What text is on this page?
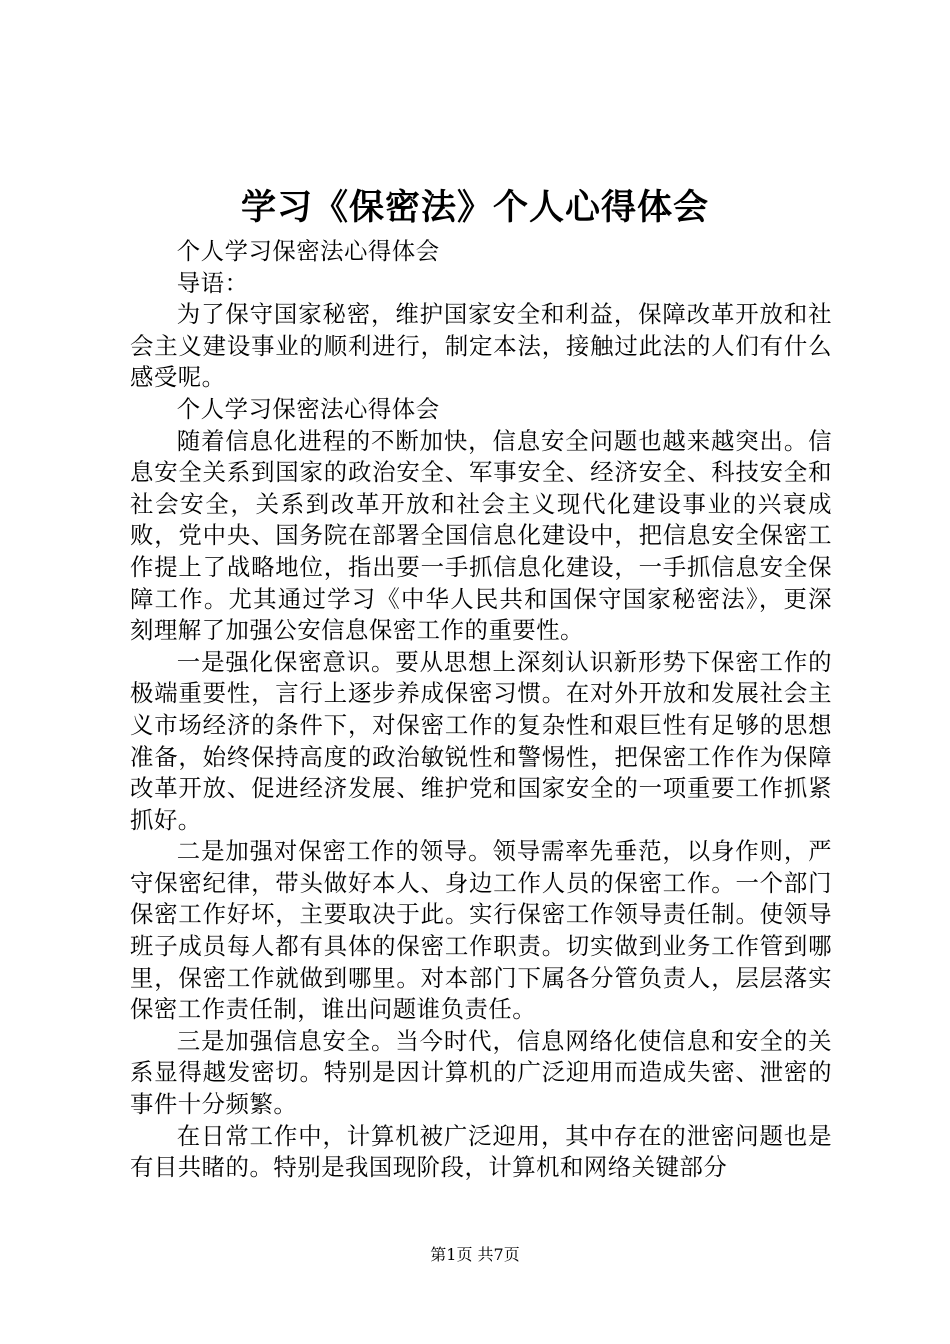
学习《保密法》个人心得体会

个人学习保密法心得体会

导语：

为了保守国家秘密，维护国家安全和利益，保障改革开放和社会主义建设事业的顺利进行，制定本法，接触过此法的人们有什么感受呢。

个人学习保密法心得体会

随着信息化进程的不断加快，信息安全问题也越来越突出。信息安全关系到国家的政治安全、军事安全、经济安全、科技安全和社会安全，关系到改革开放和社会主义现代化建设事业的兴衰成败，党中央、国务院在部署全国信息化建设中，把信息安全保密工作提上了战略地位，指出要一手抓信息化建设，一手抓信息安全保障工作。尤其通过学习《中华人民共和国保守国家秘密法》，更深刻理解了加强公安信息保密工作的重要性。

一是强化保密意识。要从思想上深刻认识新形势下保密工作的极端重要性，言行上逐步养成保密习惯。在对外开放和发展社会主义市场经济的条件下，对保密工作的复杂性和艰巨性有足够的思想准备，始终保持高度的政治敏锐性和警惕性，把保密工作作为保障改革开放、促进经济发展、维护党和国家安全的一项重要工作抓紧抓好。

二是加强对保密工作的领导。领导需率先垂范，以身作则，严守保密纪律，带头做好本人、身边工作人员的保密工作。一个部门保密工作好坏，主要取决于此。实行保密工作领导责任制。使领导班子成员每人都有具体的保密工作职责。切实做到业务工作管到哪里，保密工作就做到哪里。对本部门下属各分管负责人，层层落实保密工作责任制，谁出问题谁负责任。

三是加强信息安全。当今时代，信息网络化使信息和安全的关系显得越发密切。特别是因计算机的广泛迎用而造成失密、泄密的事件十分频繁。

在日常工作中，计算机被广泛迎用，其中存在的泄密问题也是有目共睹的。特别是我国现阶段，计算机和网络关键部分

第1页 共7页
